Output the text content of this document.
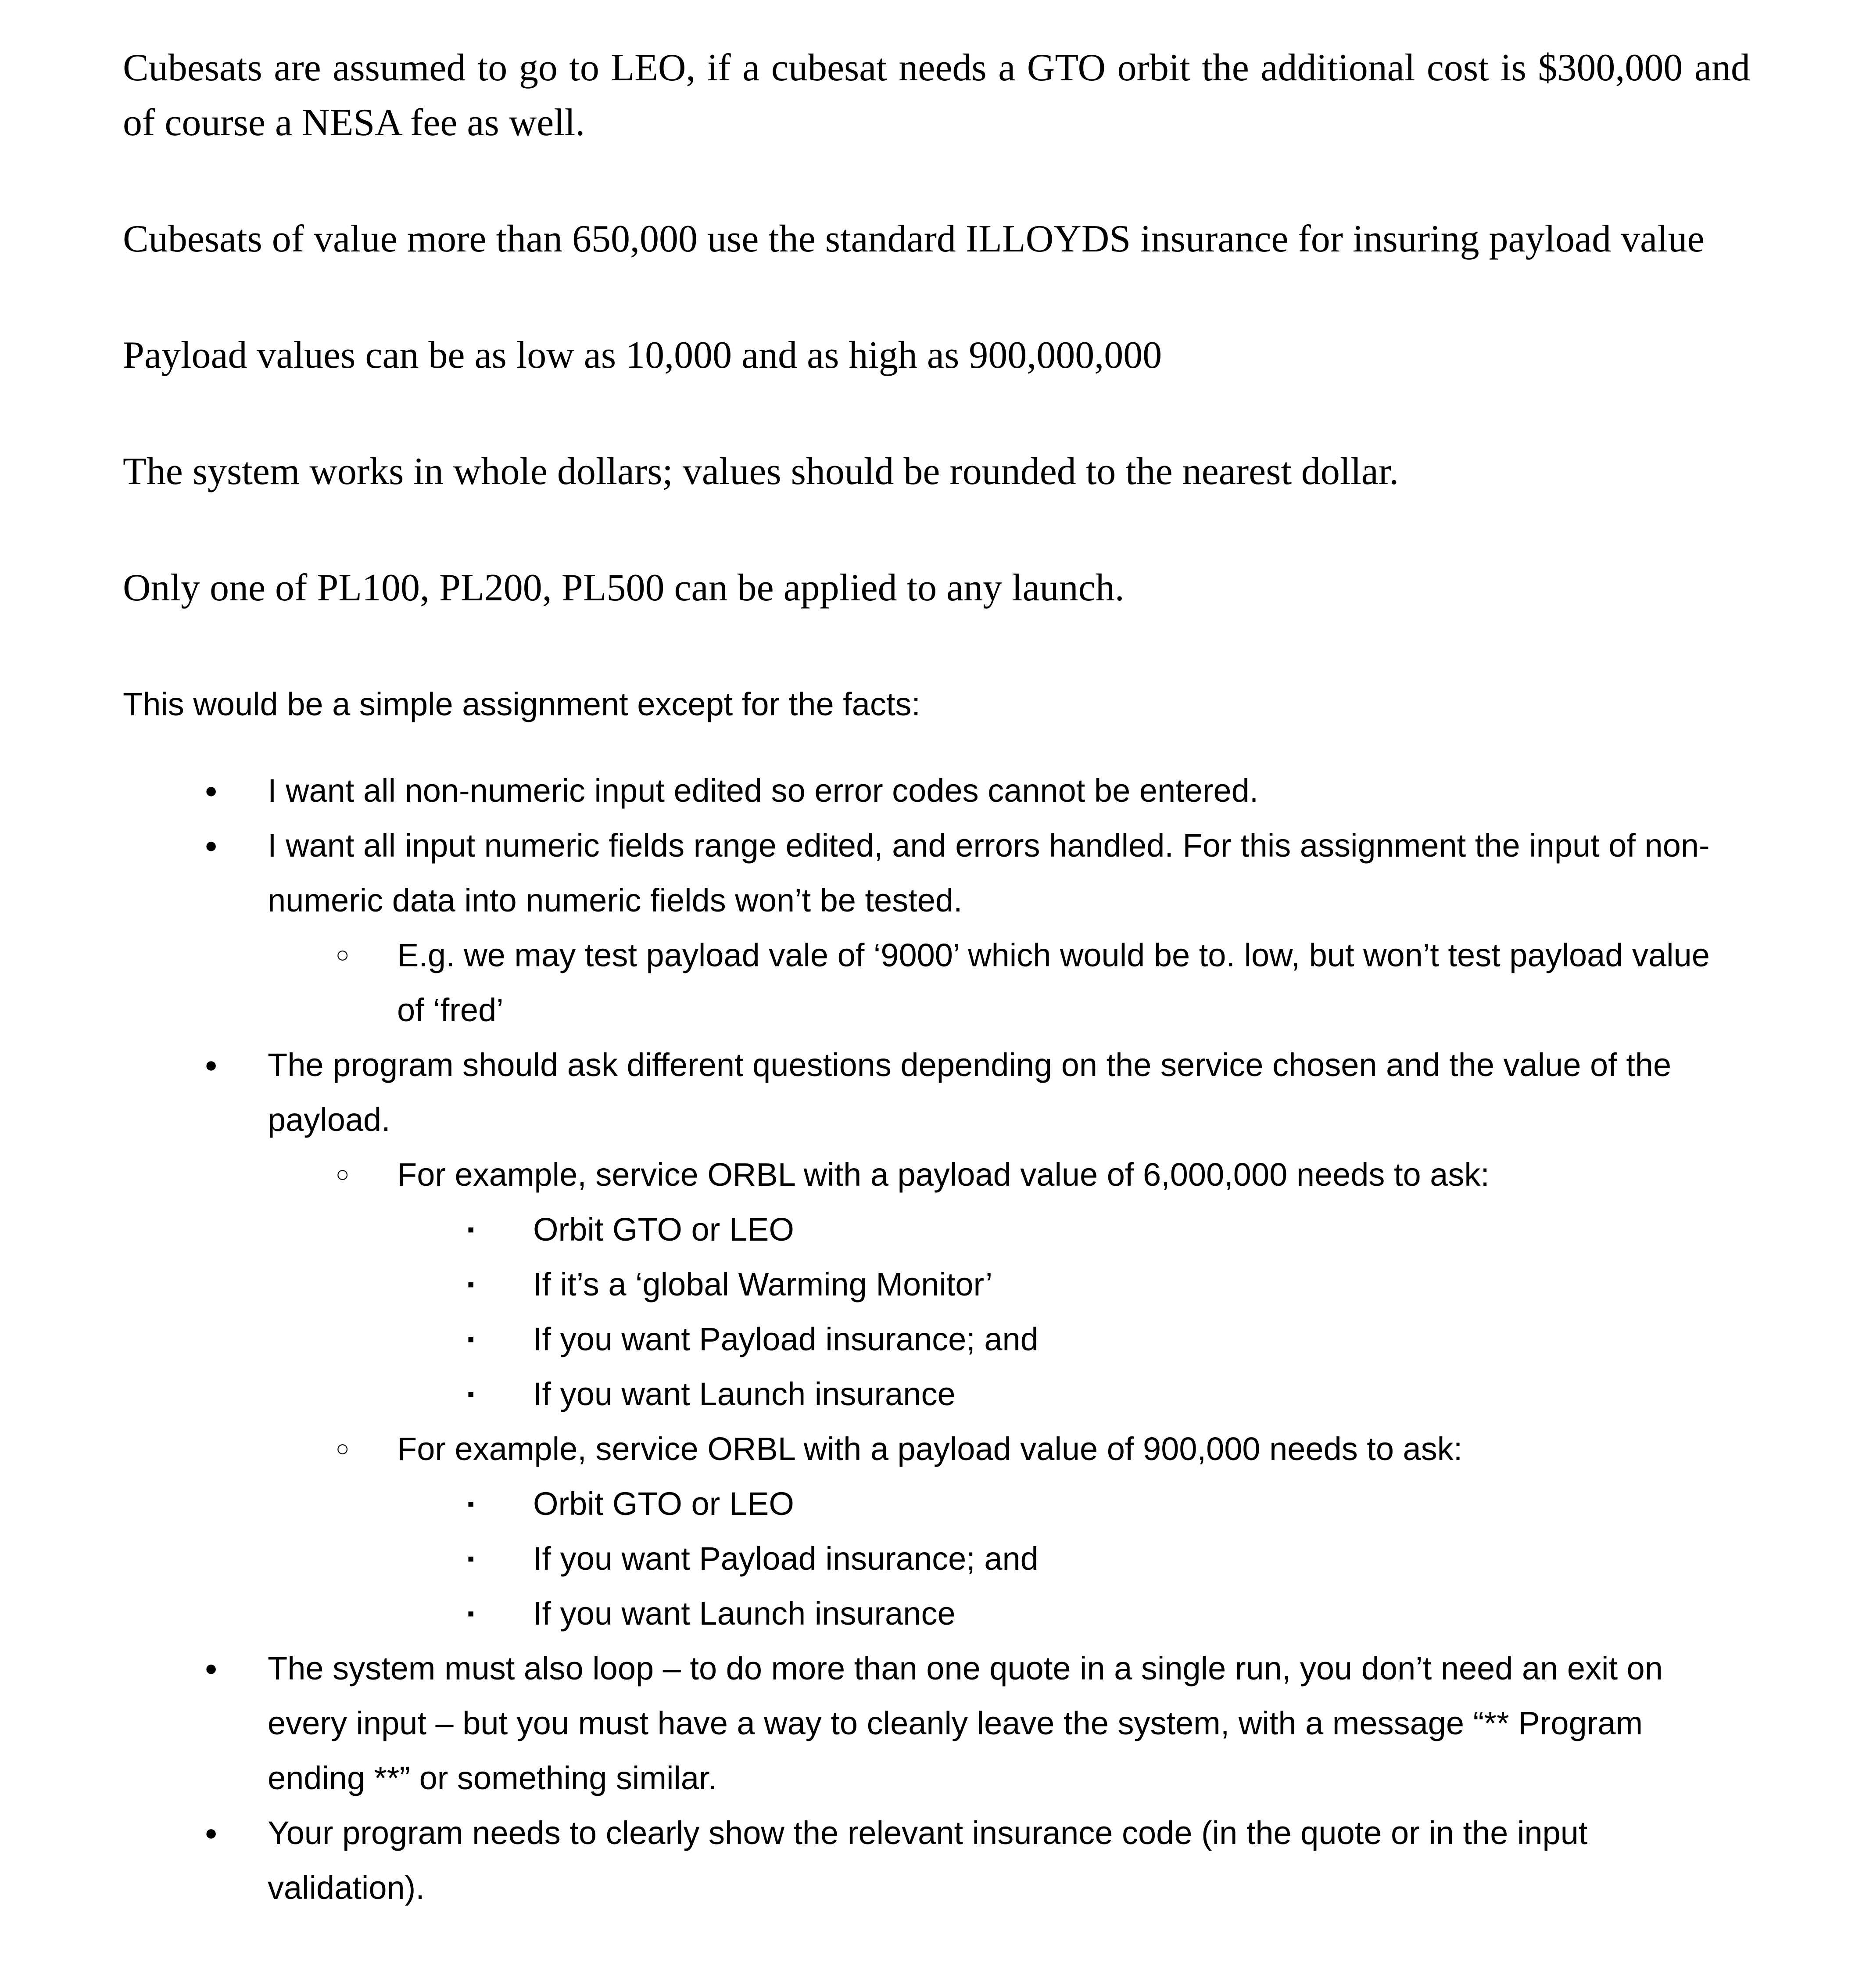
Cubesats are assumed to go to LEO, if a cubesat needs a GTO orbit the additional cost is $300,000 and of course a NESA fee as well.

Cubesats of value more than 650,000 use the standard ILLOYDS insurance for insuring payload value

Payload values can be as low as 10,000 and as high as 900,000,000

The system works in whole dollars; values should be rounded to the nearest dollar.

Only one of PL100, PL200, PL500 can be applied to any launch.

This would be a simple assignment except for the facts:

●	I want all non-numeric input edited so error codes cannot be entered.
●	I want all input numeric fields range edited, and errors handled. For this assignment the input of non-numeric data into numeric fields won’t be tested.
○	E.g. we may test payload vale of ‘9000’ which would be to. low, but won’t test payload value of ‘fred’
●	The program should ask different questions depending on the service chosen and the value of the payload.
○	For example, service ORBL with a payload value of 6,000,000 needs to ask:
▪	Orbit GTO or LEO
▪	If it’s a ‘global Warming Monitor’
▪	If you want Payload insurance; and
▪	If you want Launch insurance
○	For example, service ORBL with a payload value of 900,000 needs to ask:
▪	Orbit GTO or LEO
▪	If you want Payload insurance; and
▪	If you want Launch insurance
●	The system must also loop – to do more than one quote in a single run, you don’t need an exit on every input – but you must have a way to cleanly leave the system, with a message “** Program ending **” or something similar.
●	Your program needs to clearly show the relevant insurance code (in the quote or in the input validation).
